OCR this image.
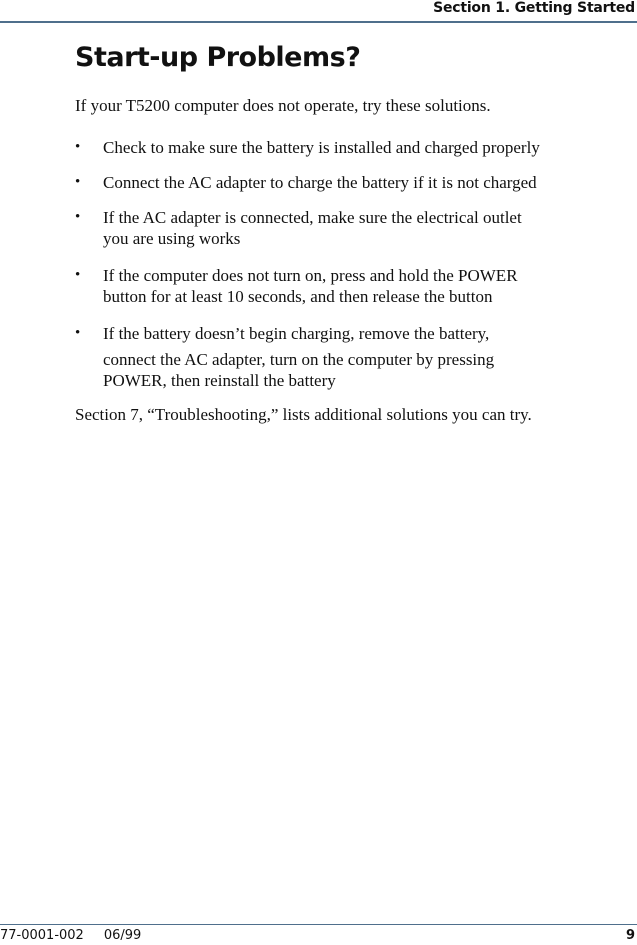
Section 1. Getting Started
Start-up Problems?
If your T5200 computer does not operate, try these solutions.
•	Check to make sure the battery is installed and charged properly
•	Connect the AC adapter to charge the battery if it is not charged
•	If the AC adapter is connected, make sure the electrical outlet
you are using works
•	If the computer does not turn on, press and hold the POWER
button for at least 10 seconds, and then release the button
•	If the battery doesn’t begin charging, remove the battery,
connect the AC adapter, turn on the computer by pressing
POWER, then reinstall the battery
Section 7, “Troubleshooting,” lists additional solutions you can try.
77-0001-002 06/99	9
